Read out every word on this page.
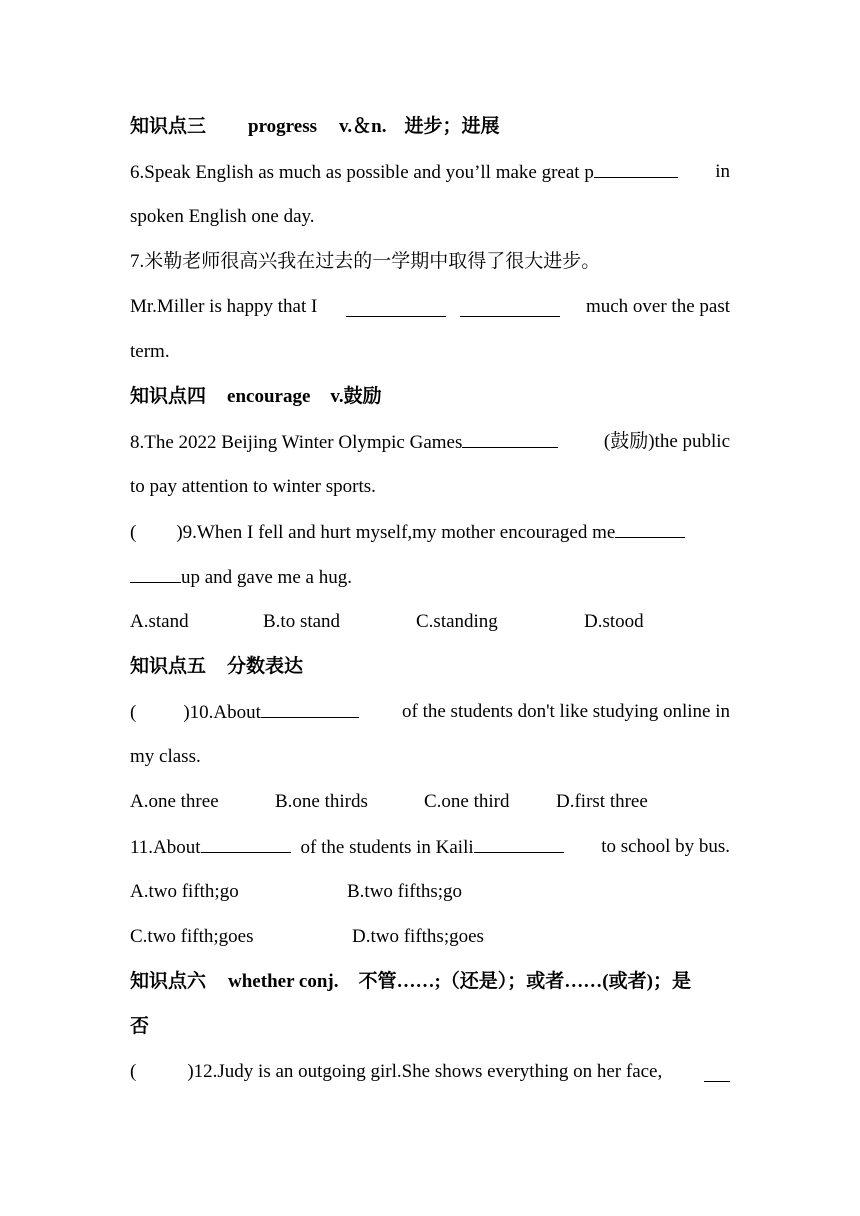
知识点三 progress v.＆n. 进步；进展
6.Speak English as much as possible and you’ll make great p	in
spoken English one day.
7.米勒老师很高兴我在过去的一学期中取得了很大进步。
Mr.Miller is happy that I	much over the past
term.
知识点四 encourage v.鼓励
8.The 2022 Beijing Winter Olympic Games	(鼓励)the public
to pay attention to winter sports.
( )9.When I fell and hurt myself,my mother encouraged me
up and gave me a hug.
A.stand	B.to stand	C.standing	D.stood
知识点五 分数表达
( )10.About	of the students don't like studying online in
my class.
A.one three	B.one thirds	C.one third D.first three
11.About	of the students in Kaili	to school by bus.
A.two fifth;go	B.two fifths;go
C.two fifth;goes	D.two fifths;goes
知识点六 whether conj. 不管……;（还是）；或者……(或者)；是
否
(	)12.Judy is an outgoing girl.She shows everything on her face,
